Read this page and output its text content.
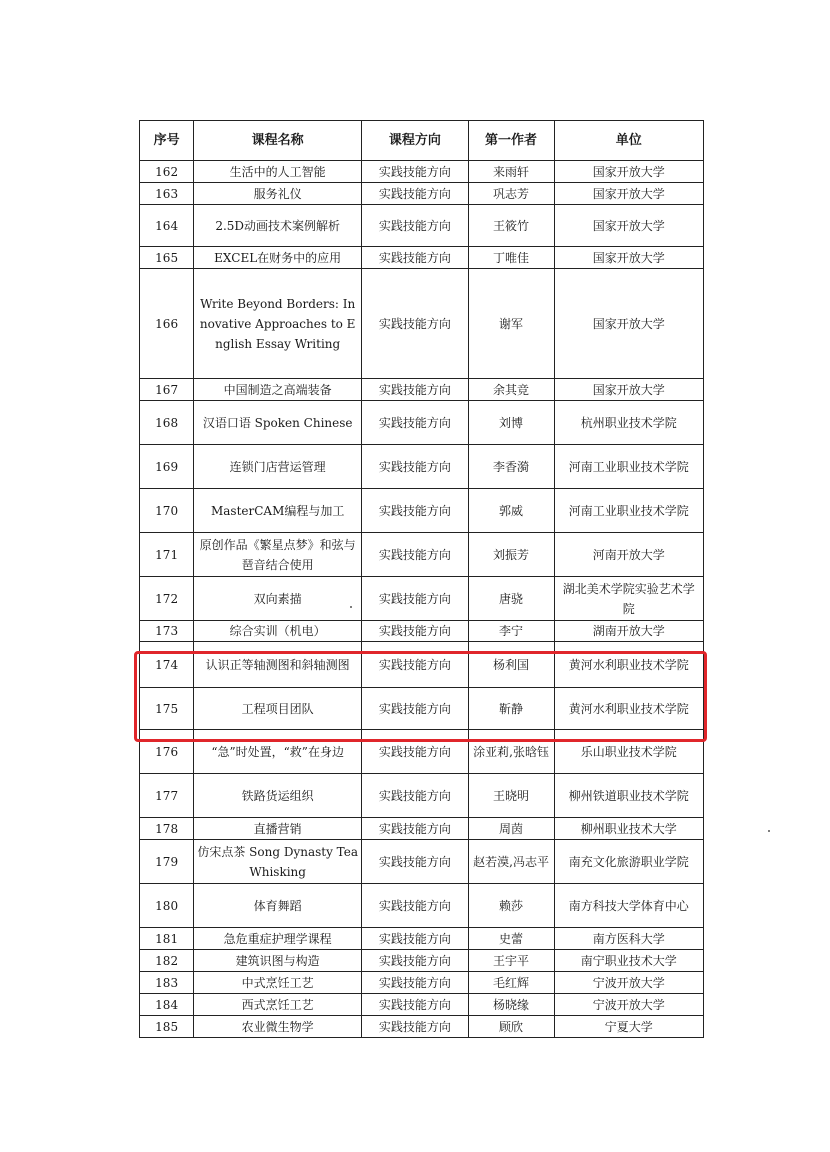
序号	课程名称	课程方向	第一作者	单位
162	生活中的人工智能	实践技能方向	来雨轩	国家开放大学
163	服务礼仪	实践技能方向	巩志芳	国家开放大学
164	2.5D动画技术案例解析	实践技能方向	王筱竹	国家开放大学
165	EXCEL在财务中的应用	实践技能方向	丁唯佳	国家开放大学
166	Write Beyond Borders: Innovative Approaches to English Essay Writing	实践技能方向	谢军	国家开放大学
167	中国制造之高端装备	实践技能方向	余其竞	国家开放大学
168	汉语口语 Spoken Chinese	实践技能方向	刘博	杭州职业技术学院
169	连锁门店营运管理	实践技能方向	李香漪	河南工业职业技术学院
170	MasterCAM编程与加工	实践技能方向	郭威	河南工业职业技术学院
171	原创作品《繁星点梦》和弦与琶音结合使用	实践技能方向	刘振芳	河南开放大学
172	双向素描	实践技能方向	唐骁	湖北美术学院实验艺术学院
173	综合实训（机电）	实践技能方向	李宁	湖南开放大学
174	认识正等轴测图和斜轴测图	实践技能方向	杨利国	黄河水利职业技术学院
175	工程项目团队	实践技能方向	靳静	黄河水利职业技术学院
176	“急”时处置，“救”在身边	实践技能方向	涂亚莉,张晗钰	乐山职业技术学院
177	铁路货运组织	实践技能方向	王晓明	柳州铁道职业技术学院
178	直播营销	实践技能方向	周茵	柳州职业技术大学
179	仿宋点茶 Song Dynasty Tea Whisking	实践技能方向	赵若漠,冯志平	南充文化旅游职业学院
180	体育舞蹈	实践技能方向	赖莎	南方科技大学体育中心
181	急危重症护理学课程	实践技能方向	史蕾	南方医科大学
182	建筑识图与构造	实践技能方向	王宇平	南宁职业技术大学
183	中式烹饪工艺	实践技能方向	毛红辉	宁波开放大学
184	西式烹饪工艺	实践技能方向	杨晓缘	宁波开放大学
185	农业微生物学	实践技能方向	顾欣	宁夏大学
